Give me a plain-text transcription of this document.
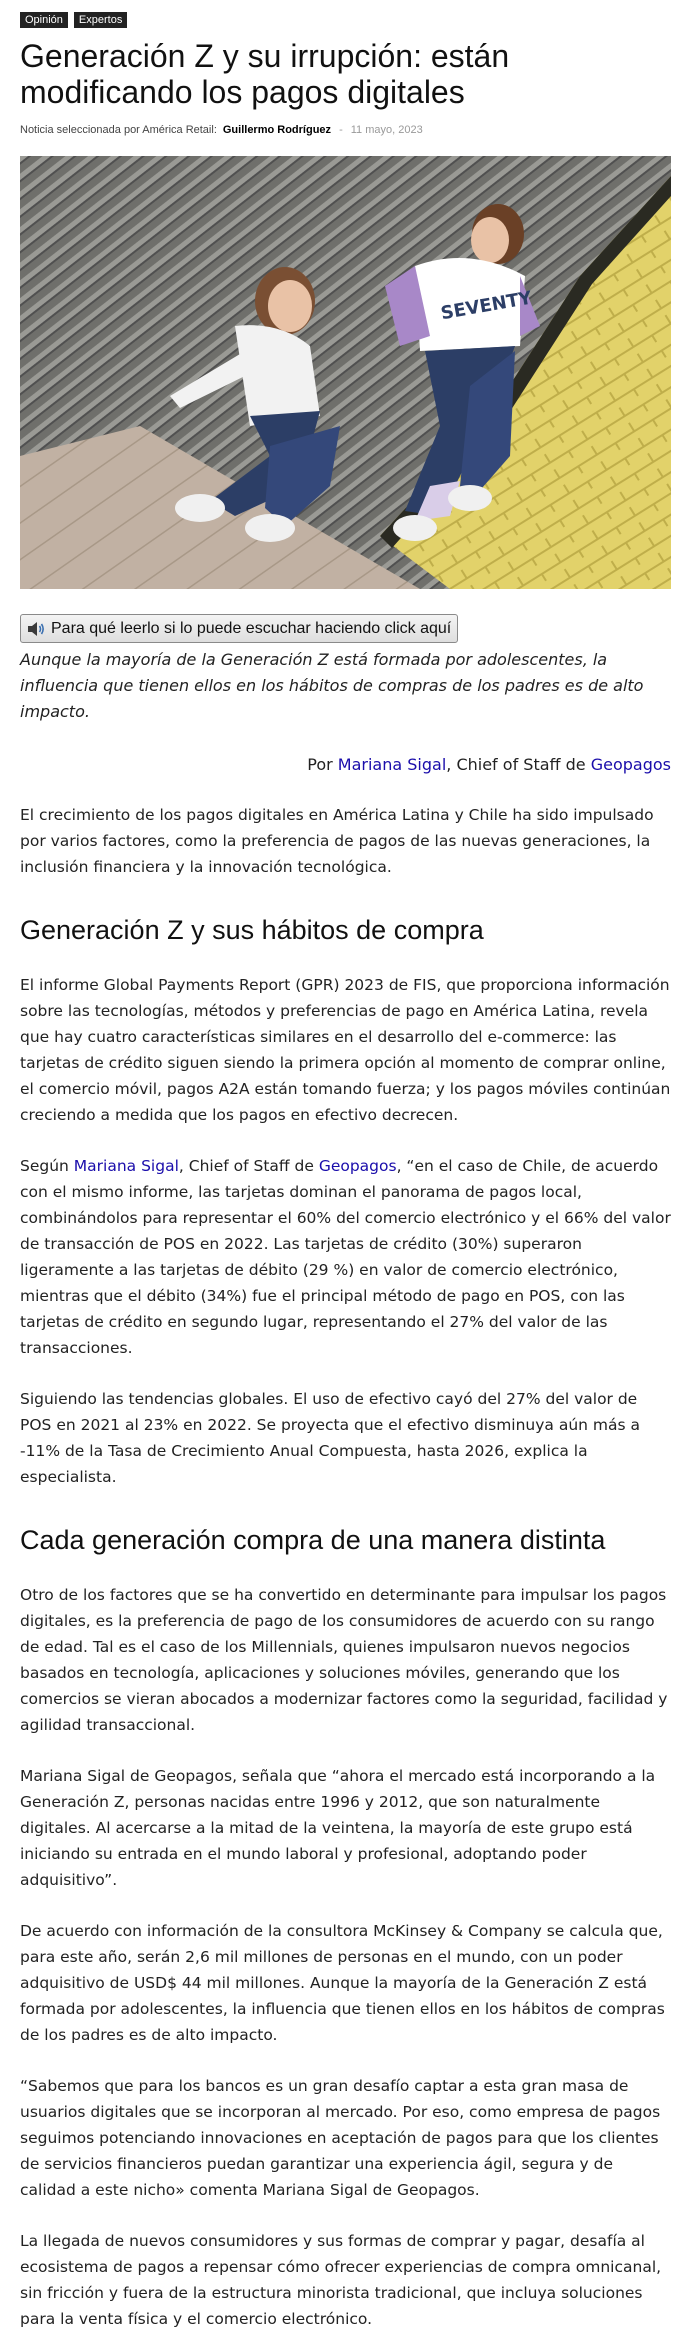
Opinión	Expertos
Generación Z y su irrupción: están modificando los pagos digitales
Noticia seleccionada por América Retail: Guillermo Rodríguez - 11 mayo, 2023
SEVENTY
Para qué leerlo si lo puede escuchar haciendo click aquí

Aunque la mayoría de la Generación Z está formada por adolescentes, la influencia que tienen ellos en los hábitos de compras de los padres es de alto impacto.

Por Mariana Sigal, Chief of Staff de Geopagos

El crecimiento de los pagos digitales en América Latina y Chile ha sido impulsado por varios factores, como la preferencia de pagos de las nuevas generaciones, la inclusión financiera y la innovación tecnológica.

Generación Z y sus hábitos de compra

El informe Global Payments Report (GPR) 2023 de FIS, que proporciona información sobre las tecnologías, métodos y preferencias de pago en América Latina, revela que hay cuatro características similares en el desarrollo del e-commerce: las tarjetas de crédito siguen siendo la primera opción al momento de comprar online, el comercio móvil, pagos A2A están tomando fuerza; y los pagos móviles continúan creciendo a medida que los pagos en efectivo decrecen.

Según Mariana Sigal, Chief of Staff de Geopagos, “en el caso de Chile, de acuerdo con el mismo informe, las tarjetas dominan el panorama de pagos local, combinándolos para representar el 60% del comercio electrónico y el 66% del valor de transacción de POS en 2022. Las tarjetas de crédito (30%) superaron ligeramente a las tarjetas de débito (29 %) en valor de comercio electrónico, mientras que el débito (34%) fue el principal método de pago en POS, con las tarjetas de crédito en segundo lugar, representando el 27% del valor de las transacciones.

Siguiendo las tendencias globales. El uso de efectivo cayó del 27% del valor de POS en 2021 al 23% en 2022. Se proyecta que el efectivo disminuya aún más a -11% de la Tasa de Crecimiento Anual Compuesta, hasta 2026, explica la especialista.

Cada generación compra de una manera distinta

Otro de los factores que se ha convertido en determinante para impulsar los pagos digitales, es la preferencia de pago de los consumidores de acuerdo con su rango de edad. Tal es el caso de los Millennials, quienes impulsaron nuevos negocios basados en tecnología, aplicaciones y soluciones móviles, generando que los comercios se vieran abocados a modernizar factores como la seguridad, facilidad y agilidad transaccional.

Mariana Sigal de Geopagos, señala que “ahora el mercado está incorporando a la Generación Z, personas nacidas entre 1996 y 2012, que son naturalmente digitales. Al acercarse a la mitad de la veintena, la mayoría de este grupo está iniciando su entrada en el mundo laboral y profesional, adoptando poder adquisitivo”.

De acuerdo con información de la consultora McKinsey & Company se calcula que, para este año, serán 2,6 mil millones de personas en el mundo, con un poder adquisitivo de USD$ 44 mil millones. Aunque la mayoría de la Generación Z está formada por adolescentes, la influencia que tienen ellos en los hábitos de compras de los padres es de alto impacto.

“Sabemos que para los bancos es un gran desafío captar a esta gran masa de usuarios digitales que se incorporan al mercado. Por eso, como empresa de pagos seguimos potenciando innovaciones en aceptación de pagos para que los clientes de servicios financieros puedan garantizar una experiencia ágil, segura y de calidad a este nicho» comenta Mariana Sigal de Geopagos.

La llegada de nuevos consumidores y sus formas de comprar y pagar, desafía al ecosistema de pagos a repensar cómo ofrecer experiencias de compra omnicanal, sin fricción y fuera de la estructura minorista tradicional, que incluya soluciones para la venta física y el comercio electrónico.
